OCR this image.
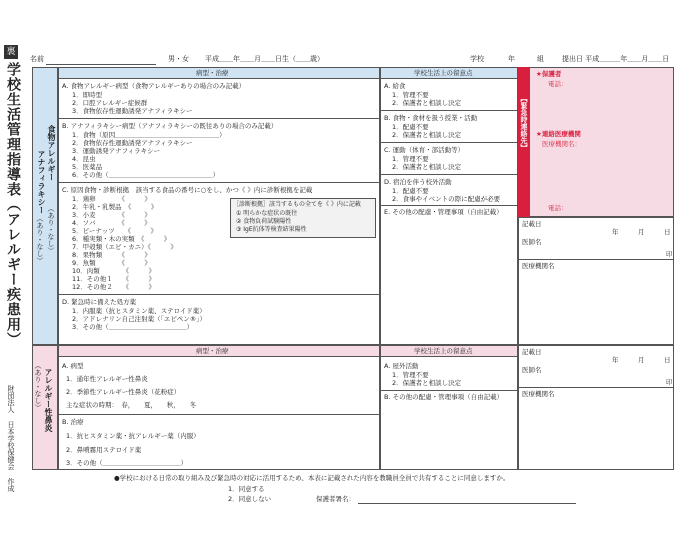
裏
学校生活管理指導表（アレルギー疾患用）
財団法人 日本学校保健会 作成
名前	男・女 平成＿＿年＿＿月＿＿日生（＿＿歳）	学校	年	組	提出日 平成＿＿＿年＿＿月＿＿日
アナフィラキシー
（あり・なし）
食物アレルギー
（あり・なし）
病型・治療	学校生活上の留意点
A. 食物アレルギー病型（食物アレルギーありの場合のみ記載）
1．即時型
2．口腔アレルギー症候群
3．食物依存性運動誘発アナフィラキシー
B. アナフィラキシー病型（アナフィラキシーの既往ありの場合のみ記載）
1．食物（原因＿＿＿＿＿＿＿＿＿＿＿＿＿＿＿＿）
2．食物依存性運動誘発アナフィラキシー
3．運動誘発アナフィラキシー
4．昆虫
5．医薬品
6．その他（＿＿＿＿＿＿＿＿＿＿＿＿＿＿＿＿）
C. 原因食物・診断根拠　該当する食品の番号に○をし、かつ《 》内に診断根拠を記載
1．鶏卵　　　　《　　　》
2．牛乳・乳製品　《　　　》
3．小麦　　　　《　　　》
4．ソバ　　　　《　　　》
5．ピーナッツ　　《　　　》
6．種実類・木の実類　《　　　》
7．甲殻類（エビ・カニ）《　　　》
8．果物類　　　《　　　》
9．魚類　　　　《　　　》
10．肉類　　　　《　　　》
11．その他１　　《　　　》
12．その他２　　《　　　》
［診断根拠］該当するもの全てを《 》内に記載
① 明らかな症状の既往
② 食物負荷試験陽性
③ IgE抗体等検査結果陽性
D. 緊急時に備えた処方薬
1．内服薬（抗ヒスタミン薬、ステロイド薬）
2．アドレナリン自己注射薬（「エピペン®」）
3．その他（＿＿＿＿＿＿＿＿＿＿＿＿）
A. 給食
1．管理不要
2．保護者と相談し決定
B. 食物・食材を扱う授業・活動
1．配慮不要
2．保護者と相談し決定
C. 運動（体育・部活動等）
1．管理不要
2．保護者と相談し決定
D. 宿泊を伴う校外活動
1．配慮不要
2．食事やイベントの際に配慮が必要
E. その他の配慮・管理事項（自由記載）
【緊急時連絡先】
★保護者
電話：
★連絡医療機関
医療機関名：
電話：
記載日
年　　　月　　　日
医師名
印
医療機関名
アレルギー性鼻炎
（あり・なし）
病型・治療	学校生活上の留意点
A. 病型
1．通年性アレルギー性鼻炎
2．季節性アレルギー性鼻炎（花粉症）
主な症状の時期：　春，　　夏，　　秋，　　冬
B. 治療
1．抗ヒスタミン薬・抗アレルギー薬（内服）
2．鼻噴霧用ステロイド薬
3．その他（＿＿＿＿＿＿＿＿＿＿＿＿）
A. 屋外活動
1．管理不要
2．保護者と相談し決定
B. その他の配慮・管理事項（自由記載）
記載日
年　　　月　　　日
医師名
印
医療機関名
●学校における日常の取り組み及び緊急時の対応に活用するため、本表に記載された内容を教職員全員で共有することに同意しますか。
1．同意する
2．同意しない	保護者署名：
